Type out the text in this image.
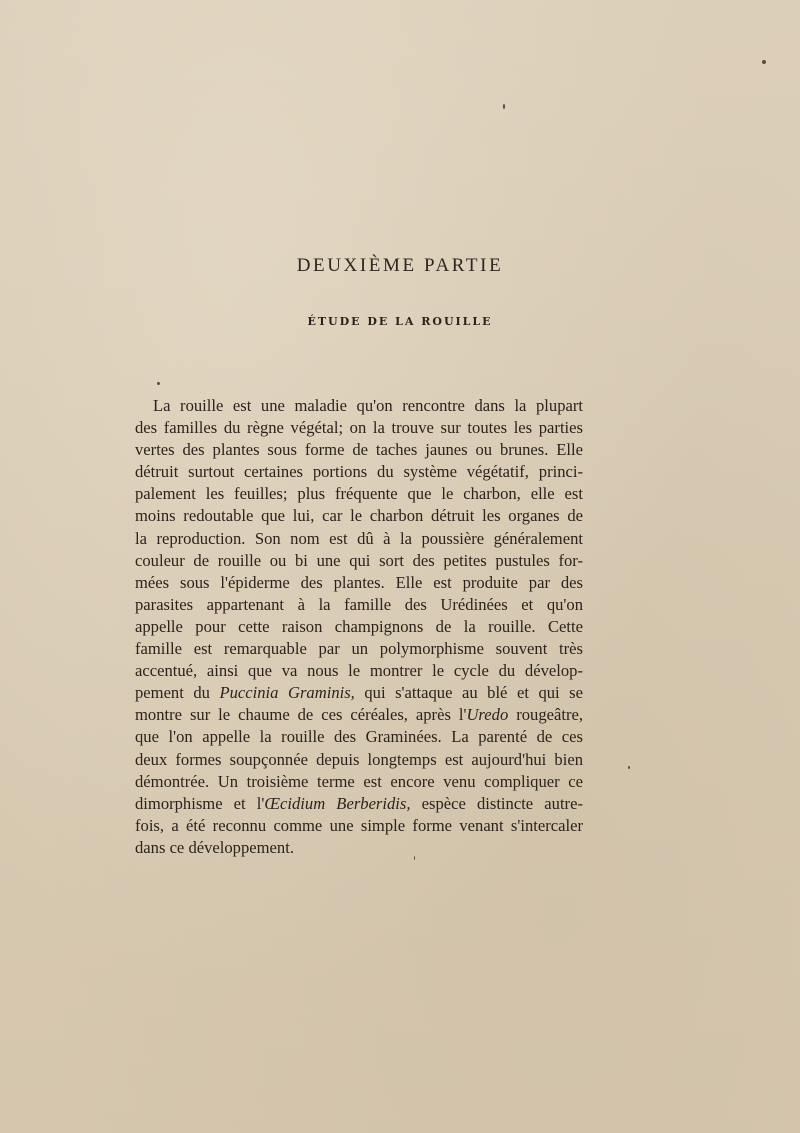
DEUXIÈME PARTIE
ÉTUDE DE LA ROUILLE
La rouille est une maladie qu'on rencontre dans la plupart
des familles du règne végétal; on la trouve sur toutes les parties
vertes des plantes sous forme de taches jaunes ou brunes. Elle
détruit surtout certaines portions du système végétatif, princi-
palement les feuilles; plus fréquente que le charbon, elle est
moins redoutable que lui, car le charbon détruit les organes de
la reproduction. Son nom est dû à la poussière généralement
couleur de rouille ou bi une qui sort des petites pustules for-
mées sous l'épiderme des plantes. Elle est produite par des
parasites appartenant à la famille des Urédinées et qu'on
appelle pour cette raison champignons de la rouille. Cette
famille est remarquable par un polymorphisme souvent très
accentué, ainsi que va nous le montrer le cycle du dévelop-
pement du Puccinia Graminis, qui s'attaque au blé et qui se
montre sur le chaume de ces céréales, après l'Uredo rougeâtre,
que l'on appelle la rouille des Graminées. La parenté de ces
deux formes soupçonnée depuis longtemps est aujourd'hui bien
démontrée. Un troisième terme est encore venu compliquer ce
dimorphisme et l'Œcidium Berberidis, espèce distincte autre-
fois, a été reconnu comme une simple forme venant s'intercaler
dans ce développement.
